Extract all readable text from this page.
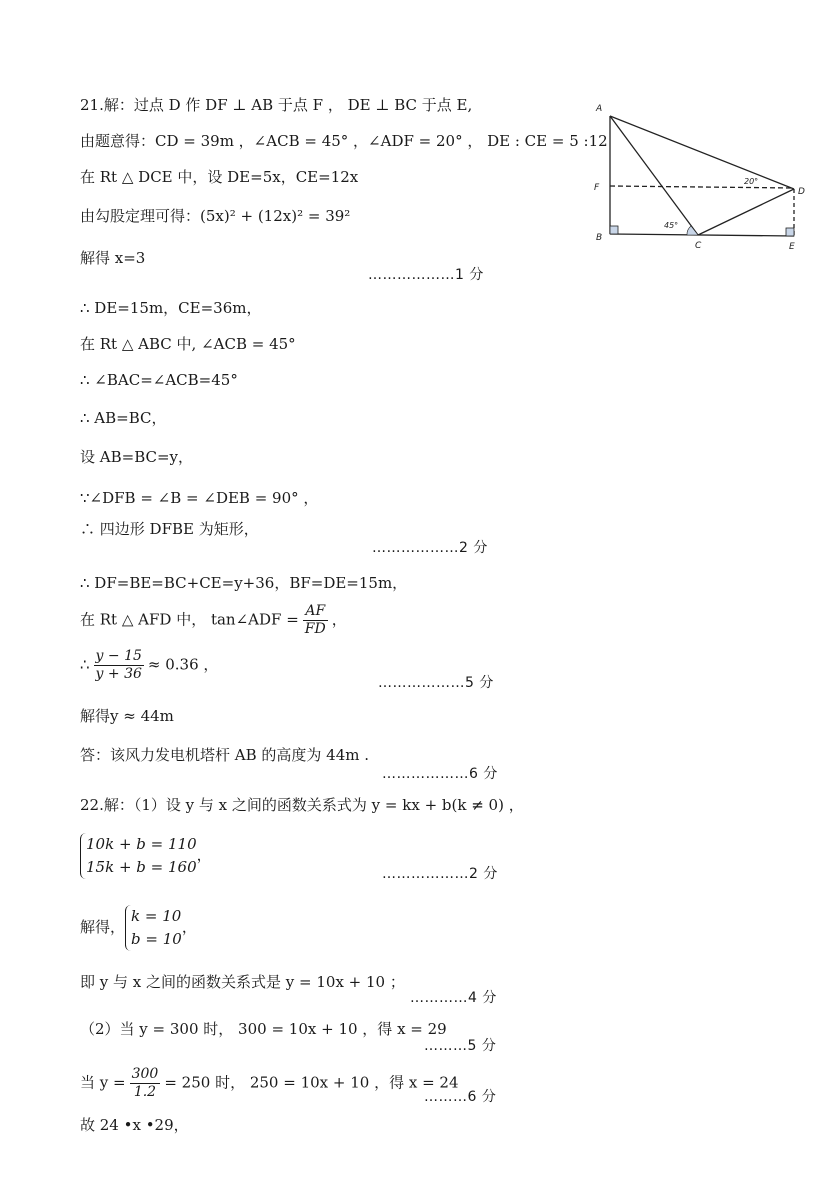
A
F
B
C
D
E
20°
45°
21.解：过点 D 作 DF ⊥ AB 于点 F ， DE ⊥ BC 于点 E,
由题意得：CD = 39m ，∠ACB = 45° ，∠ADF = 20° ， DE : CE = 5 :12
在 Rt △ DCE 中，设 DE=5x，CE=12x
由勾股定理可得：(5x)² + (12x)² = 39²
解得 x=3
………………1 分
∴ DE=15m，CE=36m，
在 Rt △ ABC 中, ∠ACB = 45°
∴ ∠BAC=∠ACB=45°
∴ AB=BC，
设 AB=BC=y，
∵∠DFB = ∠B = ∠DEB = 90° ，
∴ 四边形 DFBE 为矩形，
………………2 分
∴ DF=BE=BC+CE=y+36，BF=DE=15m，
在 Rt △ AFD 中， tan∠ADF = $\frac{AF}{FD}$ ，
∴ $\frac{y - 15}{y + 36} \approx 0.36$ ，
………………5 分
解得y ≈ 44m
答：该风力发电机塔杆 AB 的高度为 44m .
………………6 分
22.解：（1）设 y 与 x 之间的函数关系式为 y = kx + b(k ≠ 0) ，
10k + b = 110
15k + b = 160
，
………………2 分
解得，
k = 10
b = 10
，
即 y 与 x 之间的函数关系式是 y = 10x + 10 ；
…………4 分
（2）当 y = 300 时， 300 = 10x + 10 ，得 x = 29
………5 分
当 $y = \frac{300}{1.2} = 250$ 时， 250 = 10x + 10 ，得 x = 24
………6 分
故 24 •x •29，
